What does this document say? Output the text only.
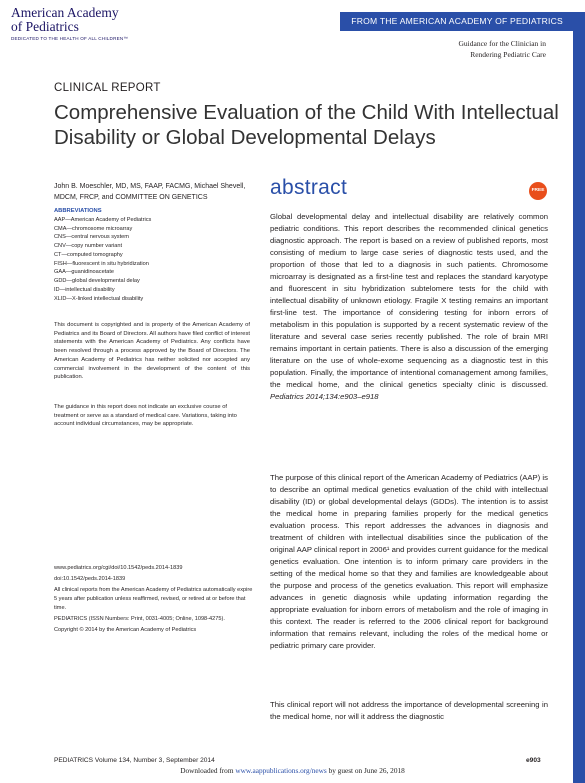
American Academy
of Pediatrics
DEDICATED TO THE HEALTH OF ALL CHILDREN™
FROM THE AMERICAN ACADEMY OF PEDIATRICS
Guidance for the Clinician in
Rendering Pediatric Care
CLINICAL REPORT
Comprehensive Evaluation of the Child With Intellectual Disability or Global Developmental Delays
John B. Moeschler, MD, MS, FAAP, FACMG, Michael Shevell, MDCM, FRCP, and COMMITTEE ON GENETICS
ABBREVIATIONS
AAP—American Academy of Pediatrics
CMA—chromosome microarray
CNS—central nervous system
CNV—copy number variant
CT—computed tomography
FISH—fluorescent in situ hybridization
GAA—guanidinoacetate
GDD—global developmental delay
ID—intellectual disability
XLID—X-linked intellectual disability

This document is copyrighted and is property of the American Academy of Pediatrics and its Board of Directors. All authors have filed conflict of interest statements with the American Academy of Pediatrics. Any conflicts have been resolved through a process approved by the Board of Directors. The American Academy of Pediatrics has neither solicited nor accepted any commercial involvement in the development of the content of this publication.

The guidance in this report does not indicate an exclusive course of treatment or serve as a standard of medical care. Variations, taking into account individual circumstances, may be appropriate.

www.pediatrics.org/cgi/doi/10.1542/peds.2014-1839

doi:10.1542/peds.2014-1839

All clinical reports from the American Academy of Pediatrics automatically expire 5 years after publication unless reaffirmed, revised, or retired at or before that time.

PEDIATRICS (ISSN Numbers: Print, 0031-4005; Online, 1098-4275).

Copyright © 2014 by the American Academy of Pediatrics

abstract	FREE

Global developmental delay and intellectual disability are relatively common pediatric conditions. This report describes the recommended clinical genetics diagnostic approach. The report is based on a review of published reports, most consisting of medium to large case series of diagnostic tests used, and the proportion of those that led to a diagnosis in such patients. Chromosome microarray is designated as a first-line test and replaces the standard karyotype and fluorescent in situ hybridization subtelomere tests for the child with intellectual disability of unknown etiology. Fragile X testing remains an important first-line test. The importance of considering testing for inborn errors of metabolism in this population is supported by a recent systematic review of the literature and several case series recently published. The role of brain MRI remains important in certain patients. There is also a discussion of the emerging literature on the use of whole-exome sequencing as a diagnostic test in this population. Finally, the importance of intentional comanagement among families, the medical home, and the clinical genetics specialty clinic is discussed. Pediatrics 2014;134:e903–e918

The purpose of this clinical report of the American Academy of Pediatrics (AAP) is to describe an optimal medical genetics evaluation of the child with intellectual disability (ID) or global developmental delays (GDDs). The intention is to assist the medical home in preparing families properly for the medical genetics evaluation process. This report addresses the advances in diagnosis and treatment of children with intellectual disabilities since the publication of the original AAP clinical report in 2006¹ and provides current guidance for the medical genetics evaluation. One intention is to inform primary care providers in the setting of the medical home so that they and families are knowledgeable about the purpose and process of the genetics evaluation. This report will emphasize advances in genetic diagnosis while updating information regarding the appropriate evaluation for inborn errors of metabolism and the role of imaging in this context. The reader is referred to the 2006 clinical report for background information that remains relevant, including the roles of the medical home or pediatric primary care provider.

This clinical report will not address the importance of developmental screening in the medical home, nor will it address the diagnostic

PEDIATRICS Volume 134, Number 3, September 2014	e903
Downloaded from www.aappublications.org/news by guest on June 26, 2018
